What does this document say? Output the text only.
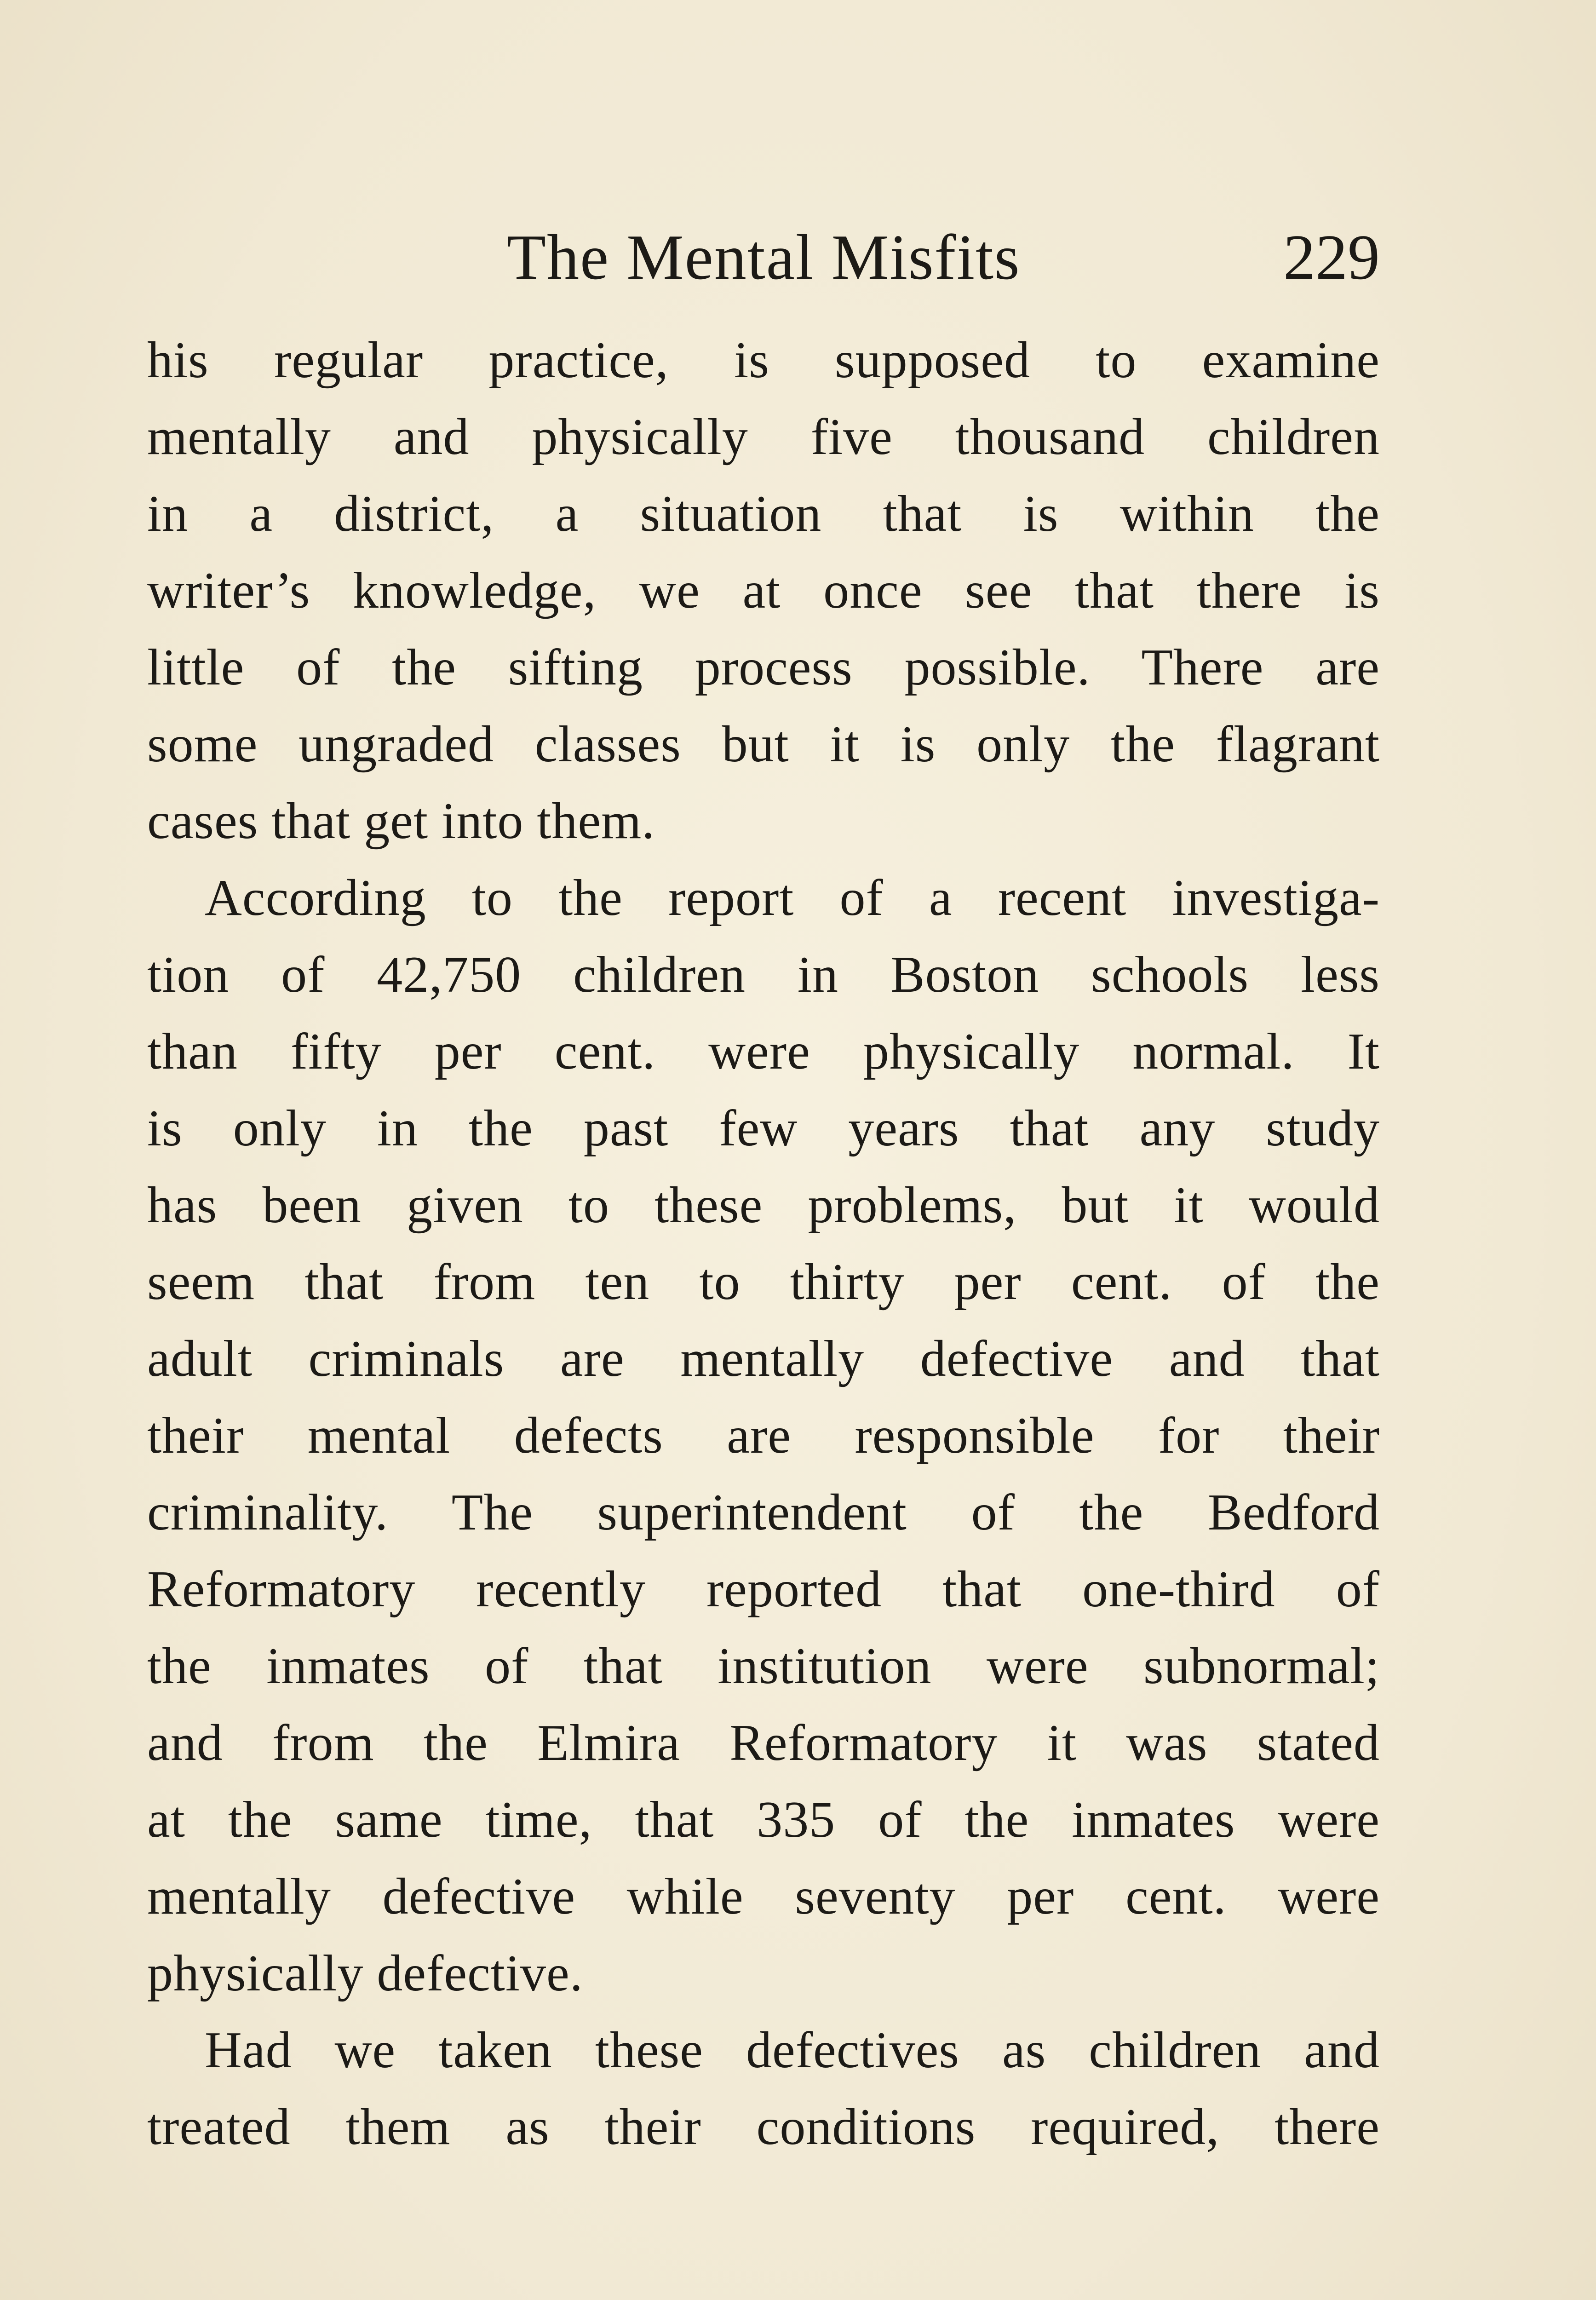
The Mental Misfits	229
his regular practice, is supposed to examine
mentally and physically five thousand children
in a district, a situation that is within the
writer’s knowledge, we at once see that there is
little of the sifting process possible. There are
some ungraded classes but it is only the flagrant
cases that get into them.
According to the report of a recent investiga-
tion of 42,750 children in Boston schools less
than fifty per cent. were physically normal. It
is only in the past few years that any study
has been given to these problems, but it would
seem that from ten to thirty per cent. of the
adult criminals are mentally defective and that
their mental defects are responsible for their
criminality. The superintendent of the Bedford
Reformatory recently reported that one-third of
the inmates of that institution were subnormal;
and from the Elmira Reformatory it was stated
at the same time, that 335 of the inmates were
mentally defective while seventy per cent. were
physically defective.
Had we taken these defectives as children and
treated them as their conditions required, there
